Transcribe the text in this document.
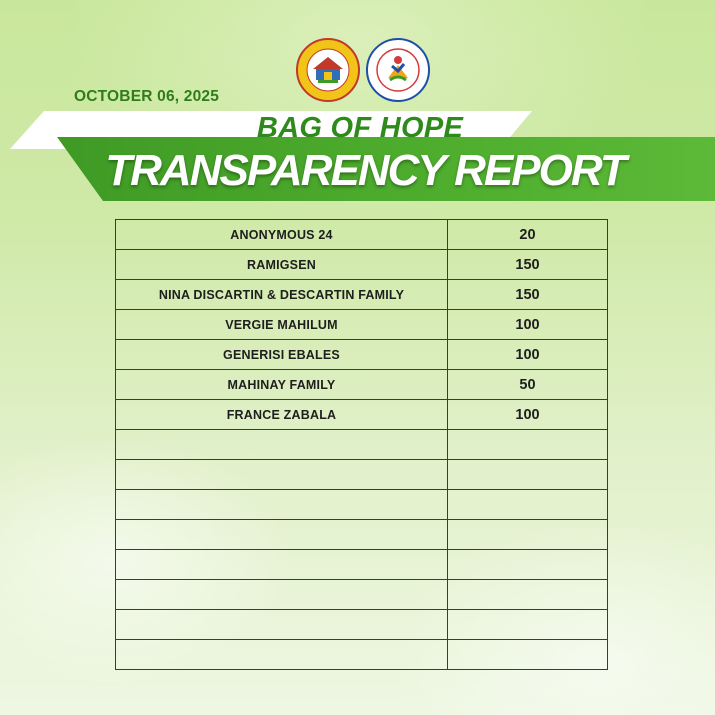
OCTOBER 06, 2025
BAG OF HOPE
TRANSPARENCY REPORT
ANONYMOUS 24	20
RAMIGSEN	150
NINA DISCARTIN & DESCARTIN FAMILY	150
VERGIE MAHILUM	100
GENERISI EBALES	100
MAHINAY FAMILY	50
FRANCE ZABALA	100
